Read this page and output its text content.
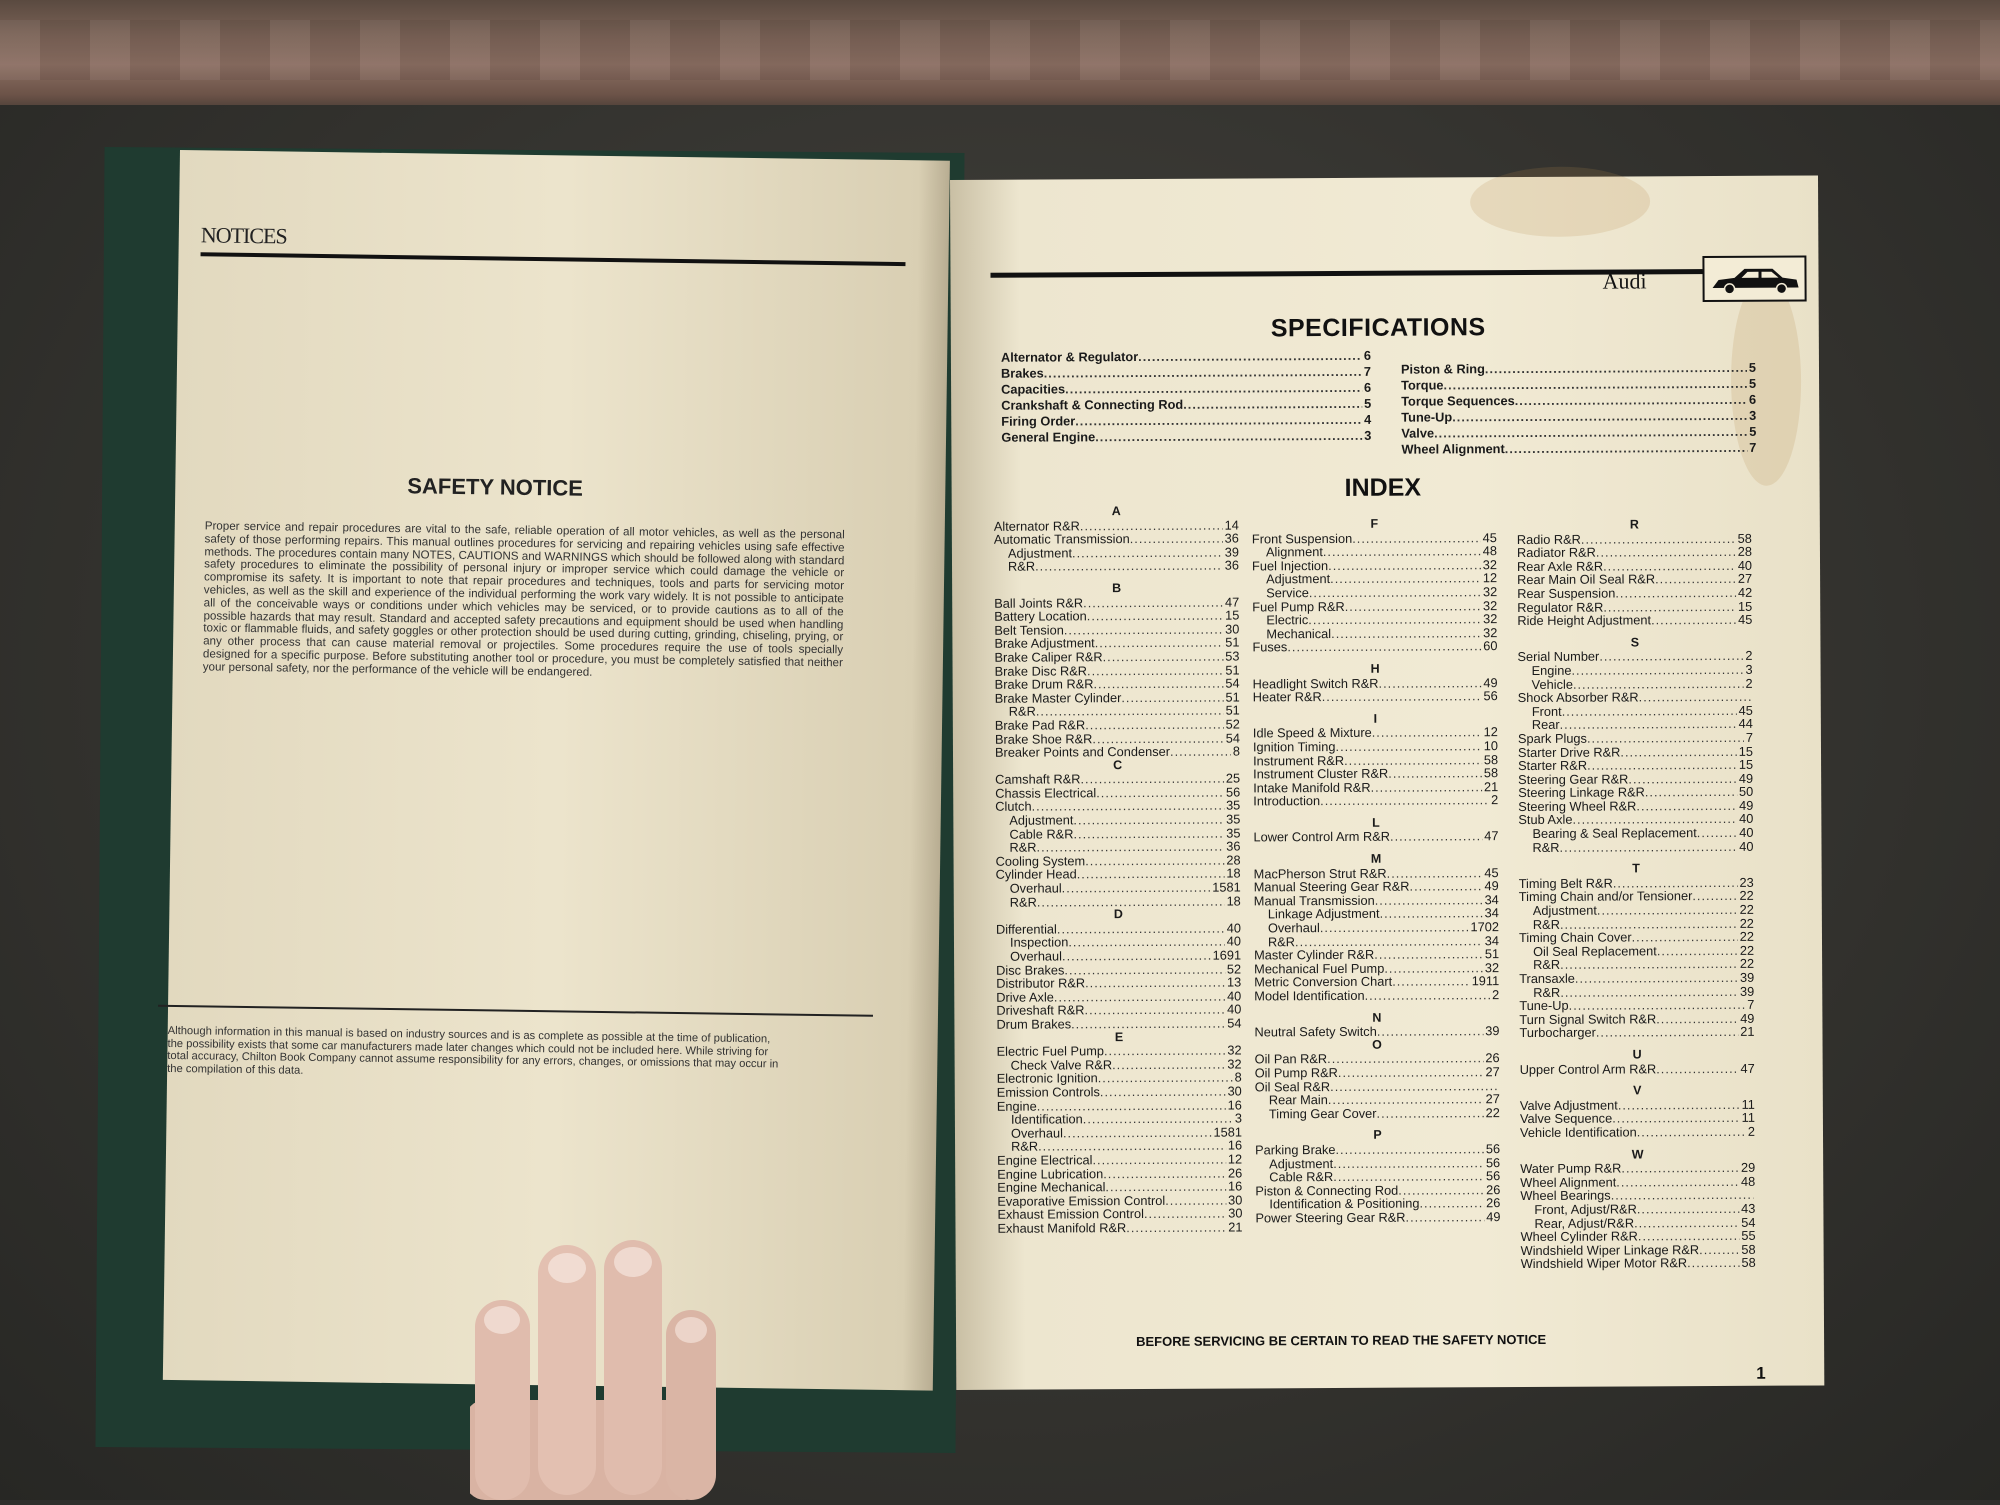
NOTICES
SAFETY NOTICE
Proper service and repair procedures are vital to the safe, reliable operation of all motor vehicles, as well as the personal safety of those performing repairs. This manual outlines procedures for servicing and repairing vehicles using safe effective methods. The procedures contain many NOTES, CAUTIONS and WARNINGS which should be followed along with standard safety procedures to eliminate the possibility of personal injury or improper service which could damage the vehicle or compromise its safety. It is important to note that repair procedures and techniques, tools and parts for servicing motor vehicles, as well as the skill and experience of the individual performing the work vary widely. It is not possible to anticipate all of the conceivable ways or conditions under which vehicles may be serviced, or to provide cautions as to all of the possible hazards that may result. Standard and accepted safety precautions and equipment should be used when handling toxic or flammable fluids, and safety goggles or other protection should be used during cutting, grinding, chiseling, prying, or any other process that can cause material removal or projectiles. Some procedures require the use of tools specially designed for a specific purpose. Before substituting another tool or procedure, you must be completely satisfied that neither your personal safety, nor the performance of the vehicle will be endangered.
Although information in this manual is based on industry sources and is as complete as possible at the time of publication, the possibility exists that some car manufacturers made later changes which could not be included here. While striving for total accuracy, Chilton Book Company cannot assume responsibility for any errors, changes, or omissions that may occur in the compilation of this data.
Audi
SPECIFICATIONS
Alternator & Regulator .....	6
Brakes .....	7
Capacities .....	6
Crankshaft & Connecting Rod .....	5
Firing Order .....	4
General Engine .....	3
Piston & Ring .....	5
Torque .....	5
Torque Sequences .....	6
Tune-Up .....	3
Valve .....	5
Wheel Alignment .....	7
INDEX
A
Alternator R&R .....	14
Automatic Transmission .....	36
Adjustment .....	39
R&R .....	36
B
Ball Joints R&R .....	47
Battery Location .....	15
Belt Tension .....	30
Brake Adjustment .....	51
Brake Caliper R&R .....	53
Brake Disc R&R .....	51
Brake Drum R&R .....	54
Brake Master Cylinder .....	51
R&R .....	51
Brake Pad R&R .....	52
Brake Shoe R&R .....	54
Breaker Points and Condenser .....	8
C
Camshaft R&R .....	25
Chassis Electrical .....	56
Clutch .....	35
Adjustment .....	35
Cable R&R .....	35
R&R .....	36
Cooling System .....	28
Cylinder Head .....	18
Overhaul .....	1581
R&R .....	18
D
Differential .....	40
Inspection .....	40
Overhaul .....	1691
Disc Brakes .....	52
Distributor R&R .....	13
Drive Axle .....	40
Driveshaft R&R .....	40
Drum Brakes .....	54
E
Electric Fuel Pump .....	32
Check Valve R&R .....	32
Electronic Ignition .....	8
Emission Controls .....	30
Engine .....	16
Identification .....	3
Overhaul .....	1581
R&R .....	16
Engine Electrical .....	12
Engine Lubrication .....	26
Engine Mechanical .....	16
Evaporative Emission Control .....	30
Exhaust Emission Control .....	30
Exhaust Manifold R&R .....	21
F
Front Suspension .....	45
Alignment .....	48
Fuel Injection .....	32
Adjustment .....	12
Service .....	32
Fuel Pump R&R .....	32
Electric .....	32
Mechanical .....	32
Fuses .....	60
H
Headlight Switch R&R .....	49
Heater R&R .....	56
I
Idle Speed & Mixture .....	12
Ignition Timing .....	10
Instrument R&R .....	58
Instrument Cluster R&R .....	58
Intake Manifold R&R .....	21
Introduction .....	2
L
Lower Control Arm R&R .....	47
M
MacPherson Strut R&R .....	45
Manual Steering Gear R&R .....	49
Manual Transmission .....	34
Linkage Adjustment .....	34
Overhaul .....	1702
R&R .....	34
Master Cylinder R&R .....	51
Mechanical Fuel Pump .....	32
Metric Conversion Chart .....	1911
Model Identification .....	2
N
Neutral Safety Switch .....	39
O
Oil Pan R&R .....	26
Oil Pump R&R .....	27
Oil Seal R&R
.....
Rear Main .....	27
Timing Gear Cover .....	22
P
Parking Brake .....	56
Adjustment .....	56
Cable R&R .....	56
Piston & Connecting Rod .....	26
Identification & Positioning .....	26
Power Steering Gear R&R .....	49
R
Radio R&R .....	58
Radiator R&R .....	28
Rear Axle R&R .....	40
Rear Main Oil Seal R&R .....	27
Rear Suspension .....	42
Regulator R&R .....	15
Ride Height Adjustment .....	45
S
Serial Number .....	2
Engine .....	3
Vehicle .....	2
Shock Absorber R&R
.....
Front .....	45
Rear .....	44
Spark Plugs .....	7
Starter Drive R&R .....	15
Starter R&R .....	15
Steering Gear R&R .....	49
Steering Linkage R&R .....	50
Steering Wheel R&R .....	49
Stub Axle .....	40
Bearing & Seal Replacement .....	40
R&R .....	40
T
Timing Belt R&R .....	23
Timing Chain and/or Tensioner .....	22
Adjustment .....	22
R&R .....	22
Timing Chain Cover .....	22
Oil Seal Replacement .....	22
R&R .....	22
Transaxle .....	39
R&R .....	39
Tune-Up .....	7
Turn Signal Switch R&R .....	49
Turbocharger .....	21
U
Upper Control Arm R&R .....	47
V
Valve Adjustment .....	11
Valve Sequence .....	11
Vehicle Identification .....	2
W
Water Pump R&R .....	29
Wheel Alignment .....	48
Wheel Bearings
.....
Front, Adjust/R&R .....	43
Rear, Adjust/R&R .....	54
Wheel Cylinder R&R .....	55
Windshield Wiper Linkage R&R .....	58
Windshield Wiper Motor R&R .....	58
BEFORE SERVICING BE CERTAIN TO READ THE SAFETY NOTICE
1
